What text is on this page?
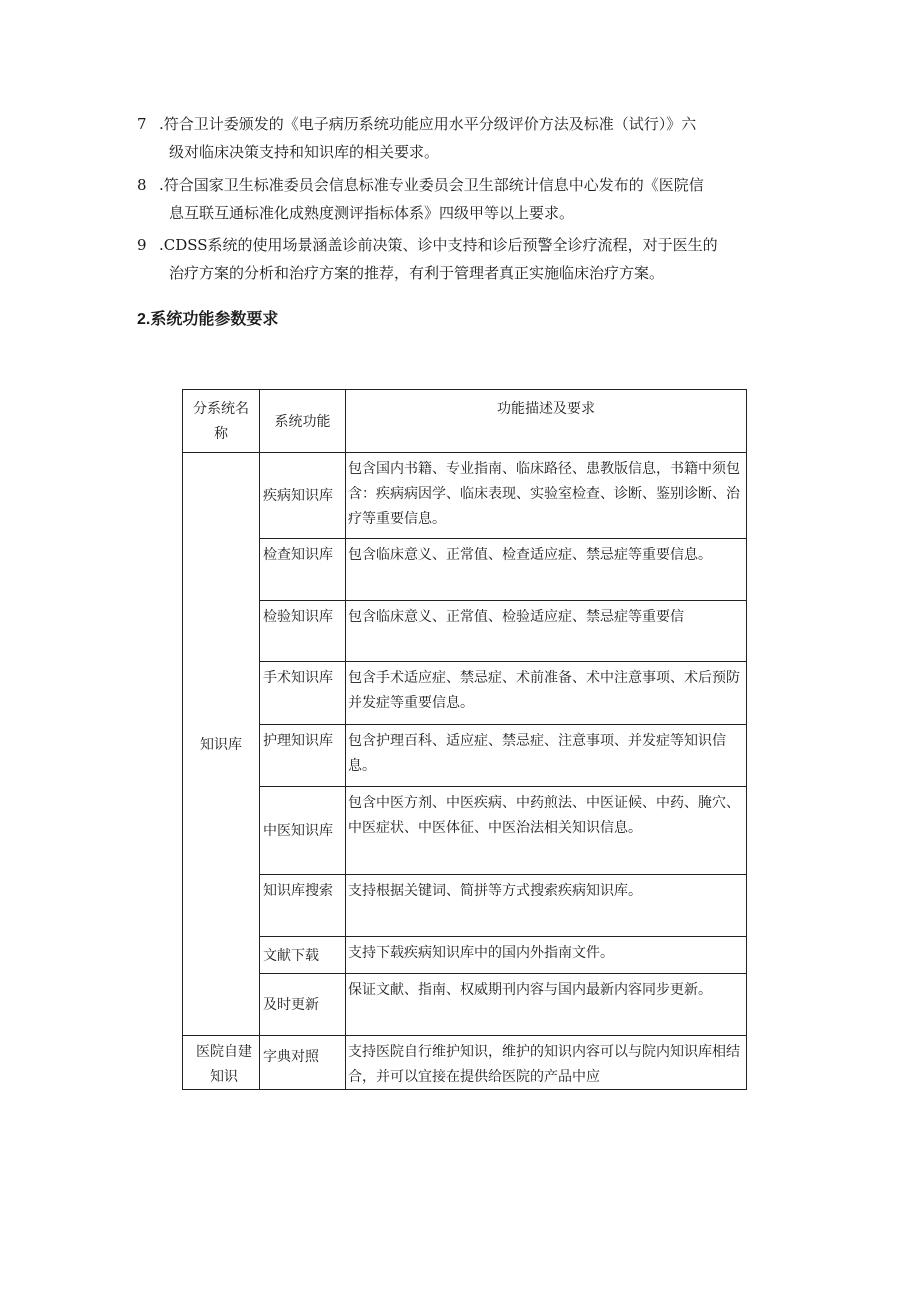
7 .符合卫计委颁发的《电子病历系统功能应用水平分级评价方法及标准（试行）》六
级对临床决策支持和知识库的相关要求。
8 .符合国家卫生标准委员会信息标准专业委员会卫生部统计信息中心发布的《医院信
息互联互通标准化成熟度测评指标体系》四级甲等以上要求。
9 .CDSS系统的使用场景涵盖诊前决策、诊中支持和诊后预警全诊疗流程，对于医生的
治疗方案的分析和治疗方案的推荐，有利于管理者真正实施临床治疗方案。
2.系统功能参数要求
分系统名称	系统功能	功能描述及要求
知识库	疾病知识库	包含国内书籍、专业指南、临床路径、患教版信息，书籍中须包含：疾病病因学、临床表现、实验室检查、诊断、鉴别诊断、治疗等重要信息。
	检查知识库	包含临床意义、正常值、检查适应症、禁忌症等重要信息。
	检验知识库	包含临床意义、正常值、检验适应症、禁忌症等重要信
	手术知识库	包含手术适应症、禁忌症、术前准备、术中注意事项、术后预防并发症等重要信息。
	护理知识库	包含护理百科、适应症、禁忌症、注意事项、并发症等知识信息。
	中医知识库	包含中医方剂、中医疾病、中药煎法、中医证候、中药、腌穴、中医症状、中医体征、中医治法相关知识信息。
	知识库搜索	支持根据关键词、简拼等方式搜索疾病知识库。
	文献下载	支持下载疾病知识库中的国内外指南文件。
	及时更新	保证文献、指南、权威期刊内容与国内最新内容同步更新。
医院自建知识	字典对照	支持医院自行维护知识，维护的知识内容可以与院内知识库相结合，并可以宜接在提供给医院的产品中应
